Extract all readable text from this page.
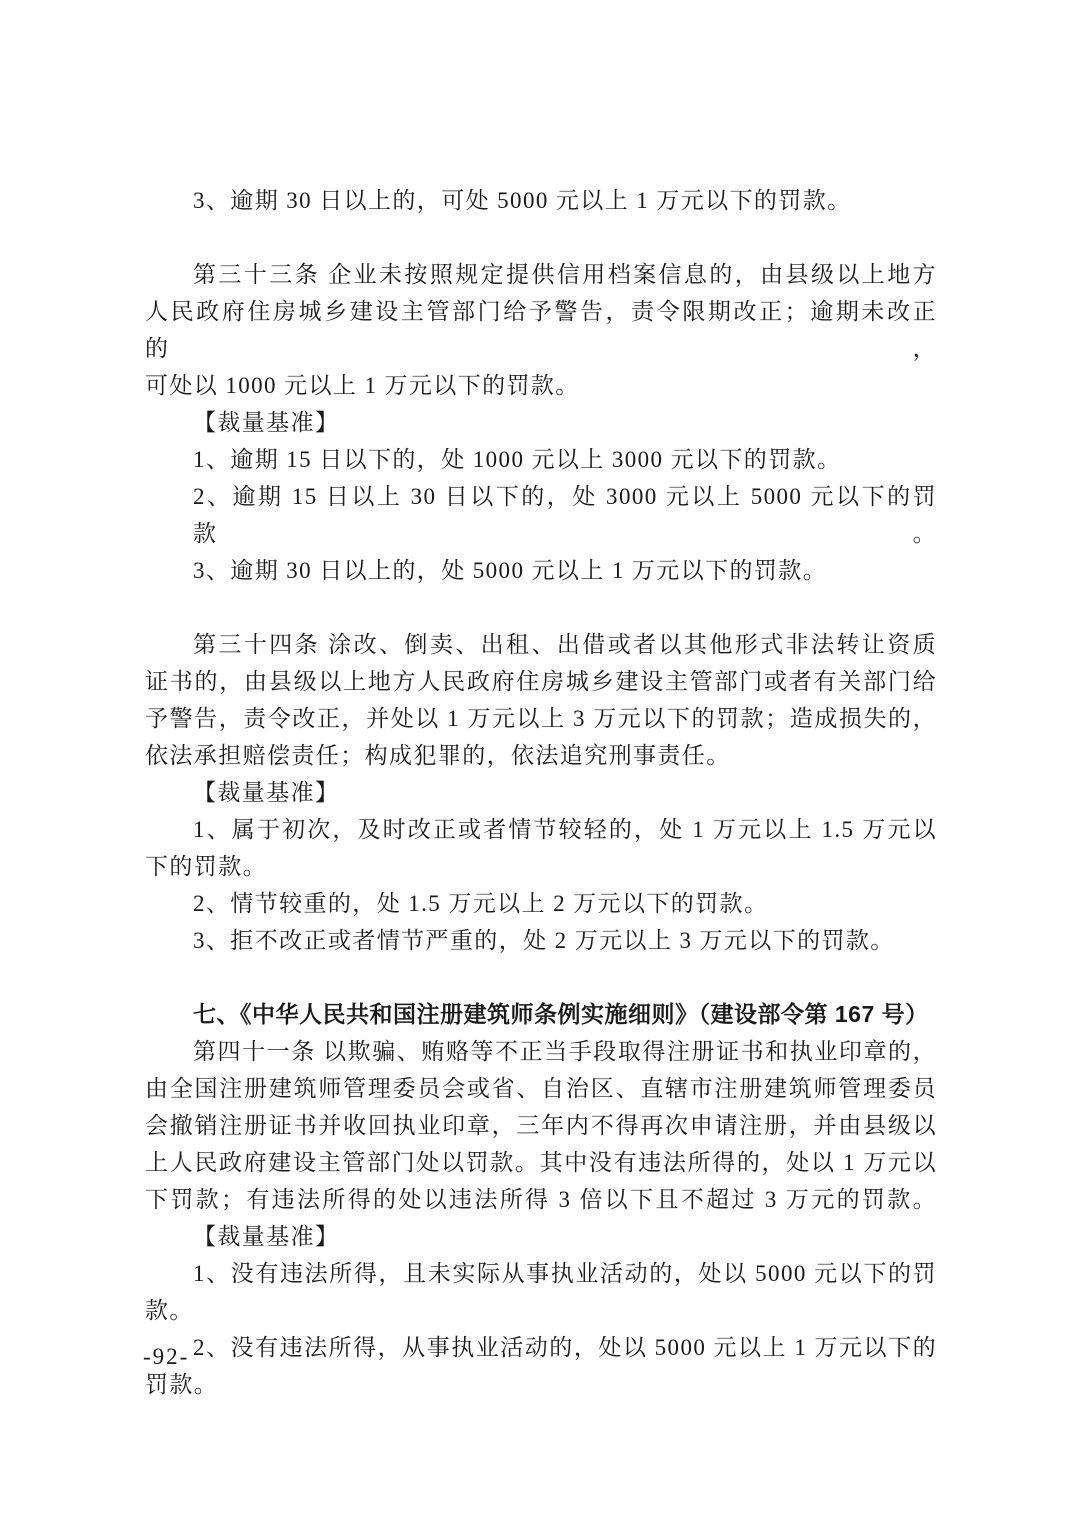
3、逾期 30 日以上的，可处 5000 元以上 1 万元以下的罚款。
第三十三条 企业未按照规定提供信用档案信息的，由县级以上地方
人民政府住房城乡建设主管部门给予警告，责令限期改正；逾期未改正的，
可处以 1000 元以上 1 万元以下的罚款。
【裁量基准】
1、逾期 15 日以下的，处 1000 元以上 3000 元以下的罚款。
2、逾期 15 日以上 30 日以下的，处 3000 元以上 5000 元以下的罚款。
3、逾期 30 日以上的，处 5000 元以上 1 万元以下的罚款。
第三十四条 涂改、倒卖、出租、出借或者以其他形式非法转让资质
证书的，由县级以上地方人民政府住房城乡建设主管部门或者有关部门给
予警告，责令改正，并处以 1 万元以上 3 万元以下的罚款；造成损失的，
依法承担赔偿责任；构成犯罪的，依法追究刑事责任。
【裁量基准】
1、属于初次，及时改正或者情节较轻的，处 1 万元以上 1.5 万元以
下的罚款。
2、情节较重的，处 1.5 万元以上 2 万元以下的罚款。
3、拒不改正或者情节严重的，处 2 万元以上 3 万元以下的罚款。
七、《中华人民共和国注册建筑师条例实施细则》（建设部令第 167 号）
第四十一条 以欺骗、贿赂等不正当手段取得注册证书和执业印章的，
由全国注册建筑师管理委员会或省、自治区、直辖市注册建筑师管理委员
会撤销注册证书并收回执业印章，三年内不得再次申请注册，并由县级以
上人民政府建设主管部门处以罚款。其中没有违法所得的，处以 1 万元以
下罚款；有违法所得的处以违法所得 3 倍以下且不超过 3 万元的罚款。
【裁量基准】
1、没有违法所得，且未实际从事执业活动的，处以 5000 元以下的罚
款。
2、没有违法所得，从事执业活动的，处以 5000 元以上 1 万元以下的
罚款。
-92-
